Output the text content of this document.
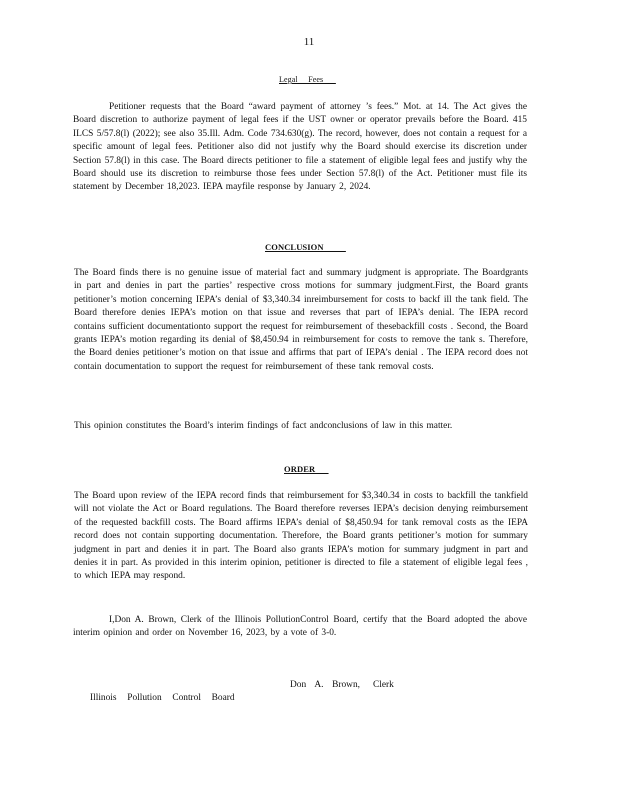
11
Legal     Fees
Petitioner requests that the Board “award payment of attorney ’s fees.” Mot. at 14. The Act gives the Board discretion to authorize payment of legal fees if the UST owner or operator prevails before the Board. 415 ILCS 5/57.8(l) (2022); see also 35.Ill. Adm. Code 734.630(g). The record, however, does not contain a request for a specific amount of legal fees. Petitioner also did not justify why the Board should exercise its discretion under Section 57.8(l) in this case. The Board directs petitioner to file a statement of eligible legal fees and justify why the Board should use its discretion to reimburse those fees under Section 57.8(l) of the Act. Petitioner must file its statement by December 18,2023. IEPA mayfile response by January 2, 2024.
CONCLUSION
The Board finds there is no genuine issue of material fact and summary judgment is appropriate. The Boardgrants in part and denies in part the parties’ respective cross motions for summary judgment.First, the Board grants petitioner’s motion concerning IEPA’s denial of $3,340.34 inreimbursement for costs to backf ill the tank field. The Board therefore denies IEPA’s motion on that issue and reverses that part of IEPA’s denial. The IEPA record contains sufficient documentationto support the request for reimbursement of thesebackfill costs . Second, the Board grants IEPA’s motion regarding its denial of $8,450.94 in reimbursement for costs to remove the tank s. Therefore, the Board denies petitioner’s motion on that issue and affirms that part of IEPA’s denial . The IEPA record does not contain documentation to support the request for reimbursement of these tank removal costs.
This opinion constitutes the Board’s interim findings of fact andconclusions of law in this matter.
ORDER
The Board upon review of the IEPA record finds that reimbursement for $3,340.34 in costs to backfill the tankfield will not violate the Act or Board regulations. The Board therefore reverses IEPA’s decision denying reimbursement of the requested backfill costs. The Board affirms IEPA’s denial of $8,450.94 for tank removal costs as the IEPA record does not contain supporting documentation. Therefore, the Board grants petitioner’s motion for summary judgment in part and denies it in part. The Board also grants IEPA’s motion for summary judgment in part and denies it in part. As provided in this interim opinion, petitioner is directed to file a statement of eligible legal fees , to which IEPA may respond.
I,Don A. Brown, Clerk of the Illinois PollutionControl Board, certify that the Board adopted the above interim opinion and order on November 16, 2023, by a vote of 3-0.
Don  A.  Brown,   Clerk
Illinois  Pollution  Control  Board
